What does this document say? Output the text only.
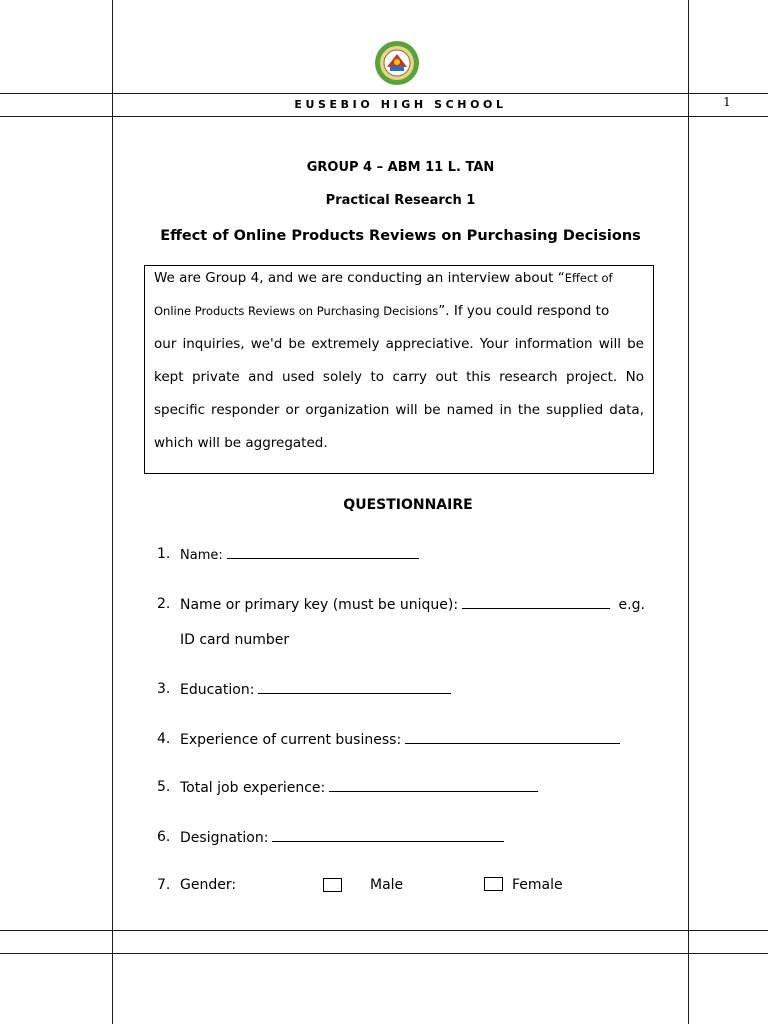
EUSEBIO HIGH SCHOOL	1
GROUP 4 – ABM 11 L. TAN
Practical Research 1
Effect of Online Products Reviews on Purchasing Decisions
We are Group 4, and we are conducting an interview about “Effect of
Online Products Reviews on Purchasing Decisions”. If you could respond to
our inquiries, we'd be extremely appreciative. Your information will be
kept private and used solely to carry out this research project. No
specific responder or organization will be named in the supplied data,
which will be aggregated.
QUESTIONNAIRE
1. Name:
2. Name or primary key (must be unique):	e.g.
ID card number
3. Education:
4. Experience of current business:
5. Total job experience:
6. Designation:
7. Gender:	Male	Female
